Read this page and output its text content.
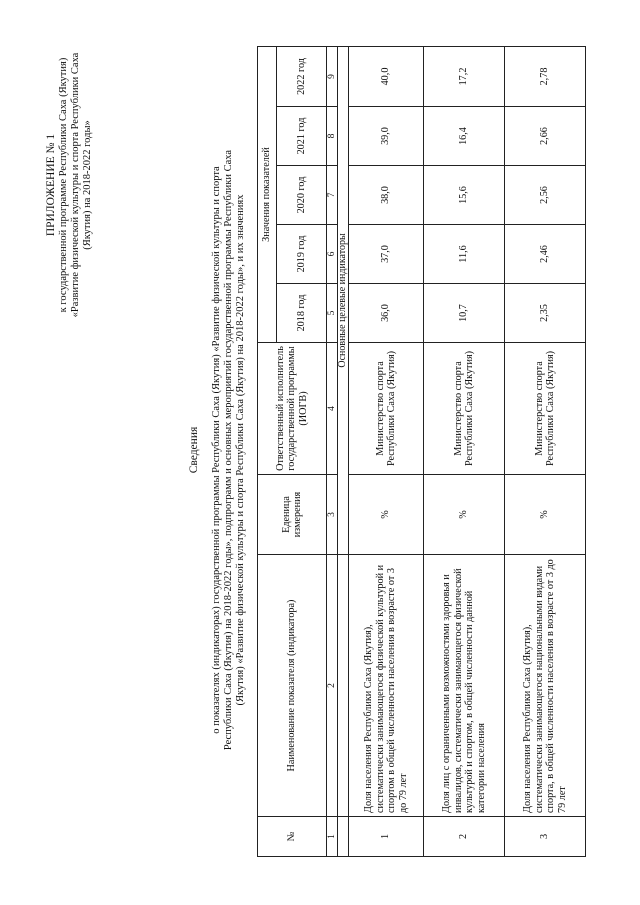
ПРИЛОЖЕНИЕ № 1 к государственной программе Республики Саха (Якутия) «Развитие физической культуры и спорта Республики Саха (Якутия) на 2018-2022 годы»
Сведения о показателях (индикаторах) государственной программы Республики Саха (Якутия) «Развитие физической культуры и спорта Республики Саха (Якутия) на 2018-2022 годы», подпрограмм и основных мероприятий государственной программы Республики Саха (Якутия) «Развитие физической культуры и спорта Республики Саха (Якутия) на 2018-2022 годы», и их значениях
№	Наименование показателя (индикатора)	Еденица измерения	Ответственный исполнитель государственной программы (ИОГВ)	Значения показателей				
				2018 год	2019 год	2020 год	2021 год	2022 год
1	2	3	4	5	6	7	8	9
		Основные целевые индикаторы						
1	Доля населения Республики Саха (Якутия), систематически занимающегося физической культурой и спортом в общей численности населения в возрасте от 3 до 79 лет	%	Министерство спорта Республики Саха (Якутия)	36,0	37,0	38,0	39,0	40,0
2	Доля лиц с ограниченными возможностями здоровья и инвалидов, систематически занимающегося физической культурой и спортом, в общей численности данной категории населения	%	Министерство спорта Республики Саха (Якутия)	10,7	11,6	15,6	16,4	17,2
3	Доля населения Республики Саха (Якутия), систематически занимающегося национальными видами спорта, в общей численности населения в возрасте от 3 до 79 лет	%	Министерство спорта Республики Саха (Якутия)	2,35	2,46	2,56	2,66	2,78
